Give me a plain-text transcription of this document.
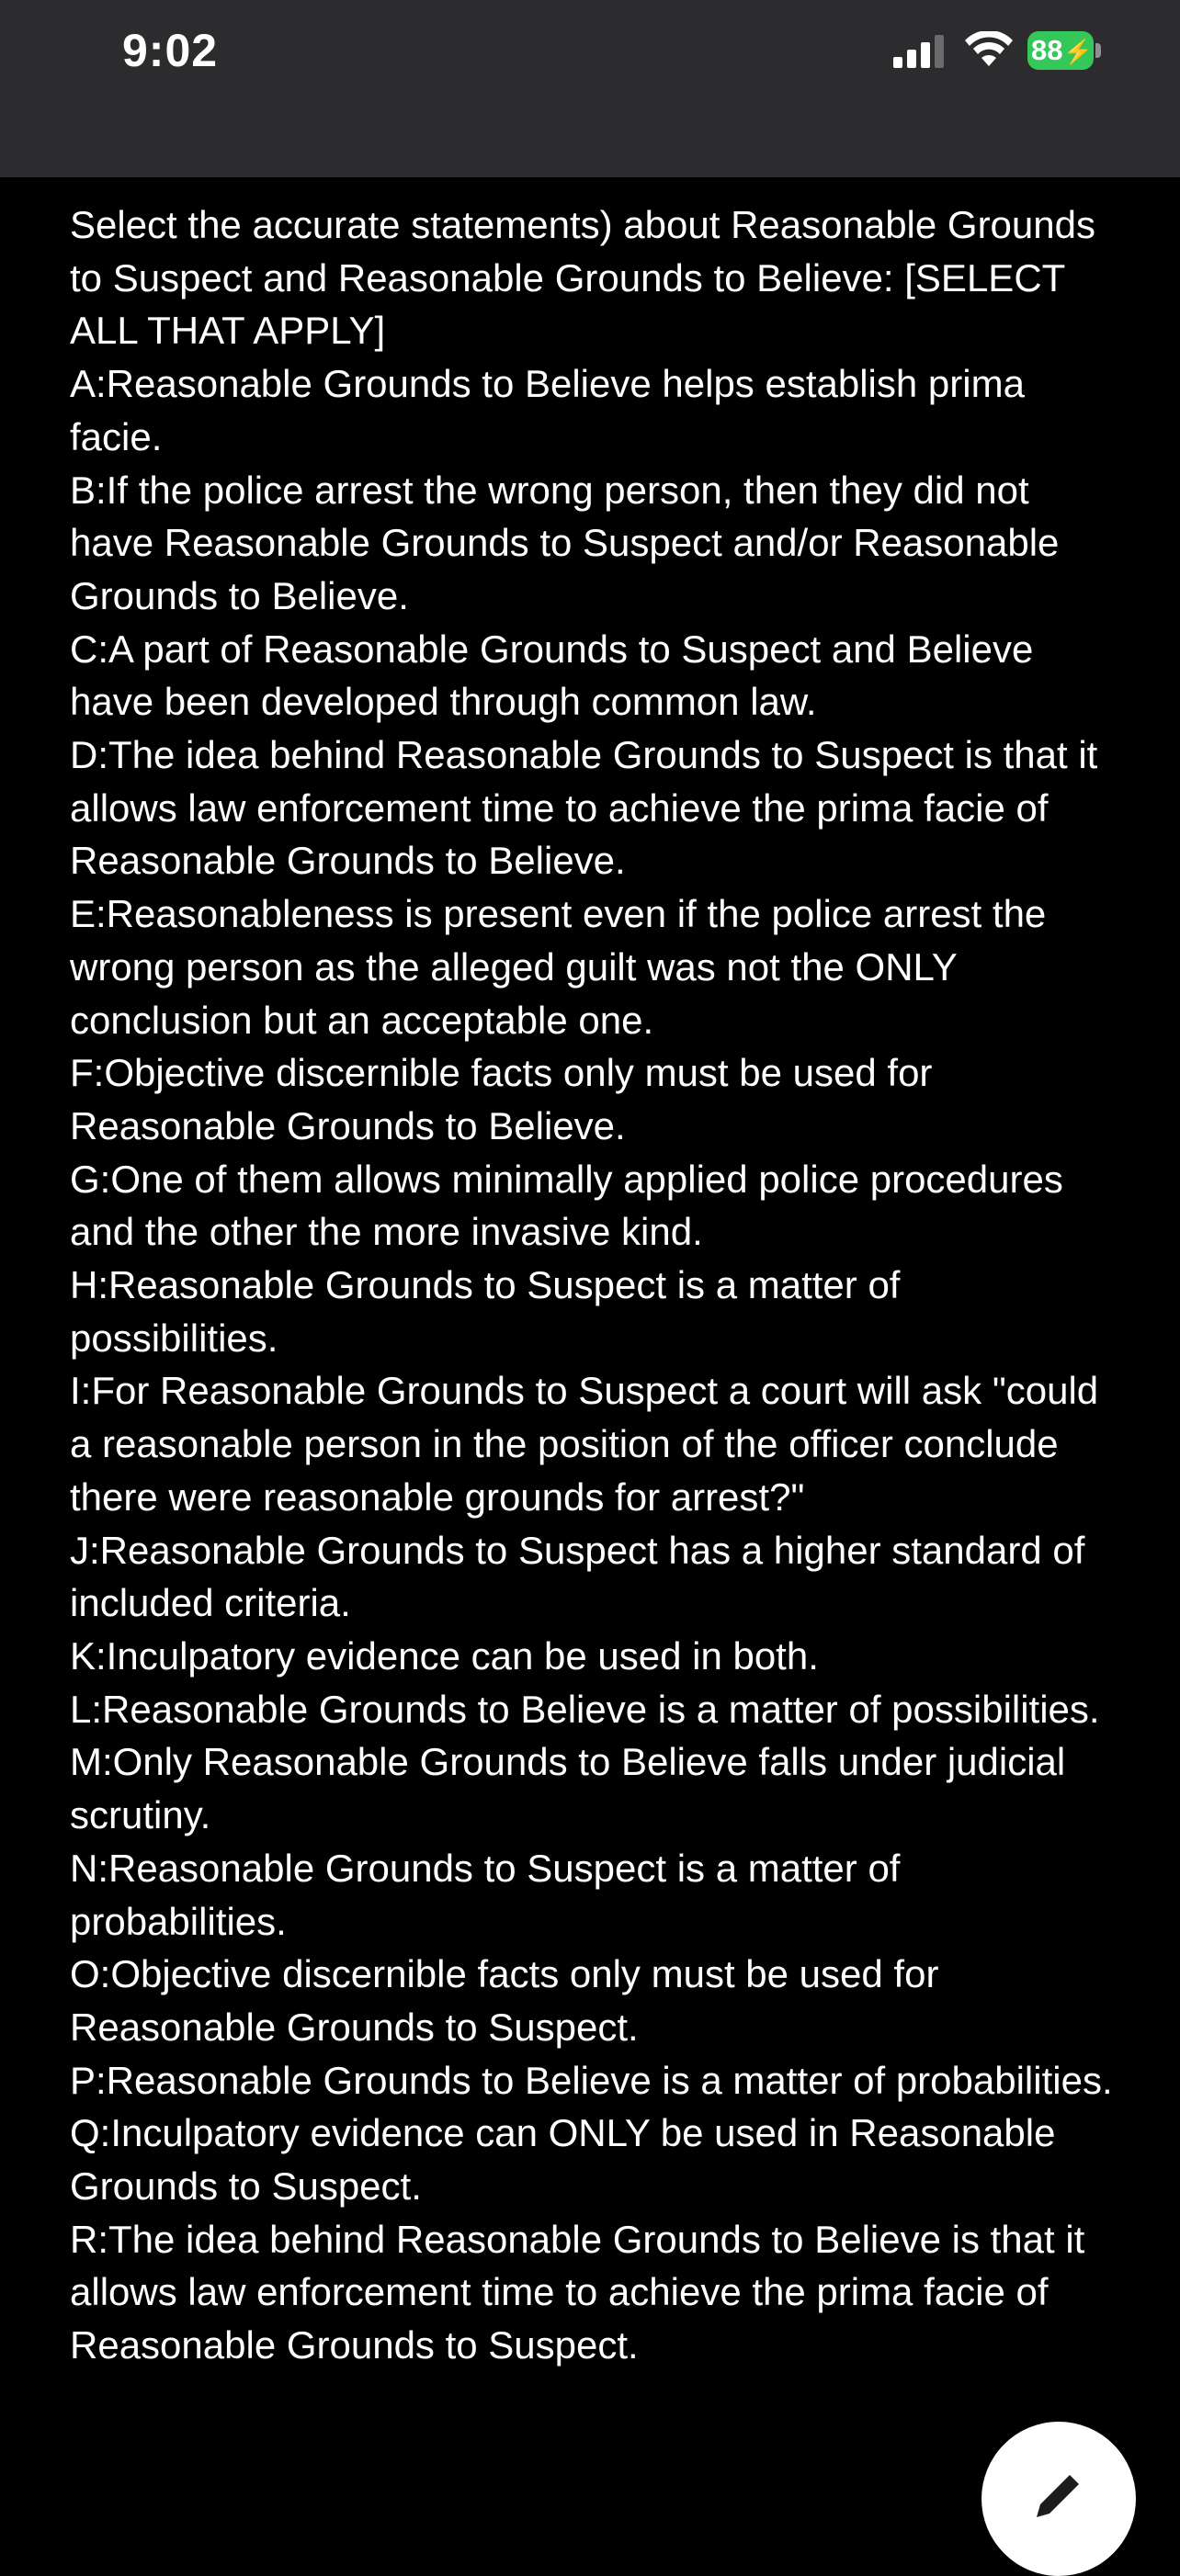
9:02	88⚡

Select the accurate statements) about Reasonable Grounds to Suspect and Reasonable Grounds to Believe: [SELECT ALL THAT APPLY]

A:Reasonable Grounds to Believe helps establish prima facie.

B:If the police arrest the wrong person, then they did not have Reasonable Grounds to Suspect and/or Reasonable Grounds to Believe.

C:A part of Reasonable Grounds to Suspect and Believe have been developed through common law.

D:The idea behind Reasonable Grounds to Suspect is that it allows law enforcement time to achieve the prima facie of Reasonable Grounds to Believe.

E:Reasonableness is present even if the police arrest the wrong person as the alleged guilt was not the ONLY conclusion but an acceptable one.

F:Objective discernible facts only must be used for Reasonable Grounds to Believe.

G:One of them allows minimally applied police procedures and the other the more invasive kind.

H:Reasonable Grounds to Suspect is a matter of possibilities.

I:For Reasonable Grounds to Suspect a court will ask "could a reasonable person in the position of the officer conclude there were reasonable grounds for arrest?"

J:Reasonable Grounds to Suspect has a higher standard of included criteria.

K:Inculpatory evidence can be used in both.

L:Reasonable Grounds to Believe is a matter of possibilities.

M:Only Reasonable Grounds to Believe falls under judicial scrutiny.

N:Reasonable Grounds to Suspect is a matter of probabilities.

O:Objective discernible facts only must be used for Reasonable Grounds to Suspect.

P:Reasonable Grounds to Believe is a matter of probabilities.

Q:Inculpatory evidence can ONLY be used in Reasonable Grounds to Suspect.

R:The idea behind Reasonable Grounds to Believe is that it allows law enforcement time to achieve the prima facie of Reasonable Grounds to Suspect.
